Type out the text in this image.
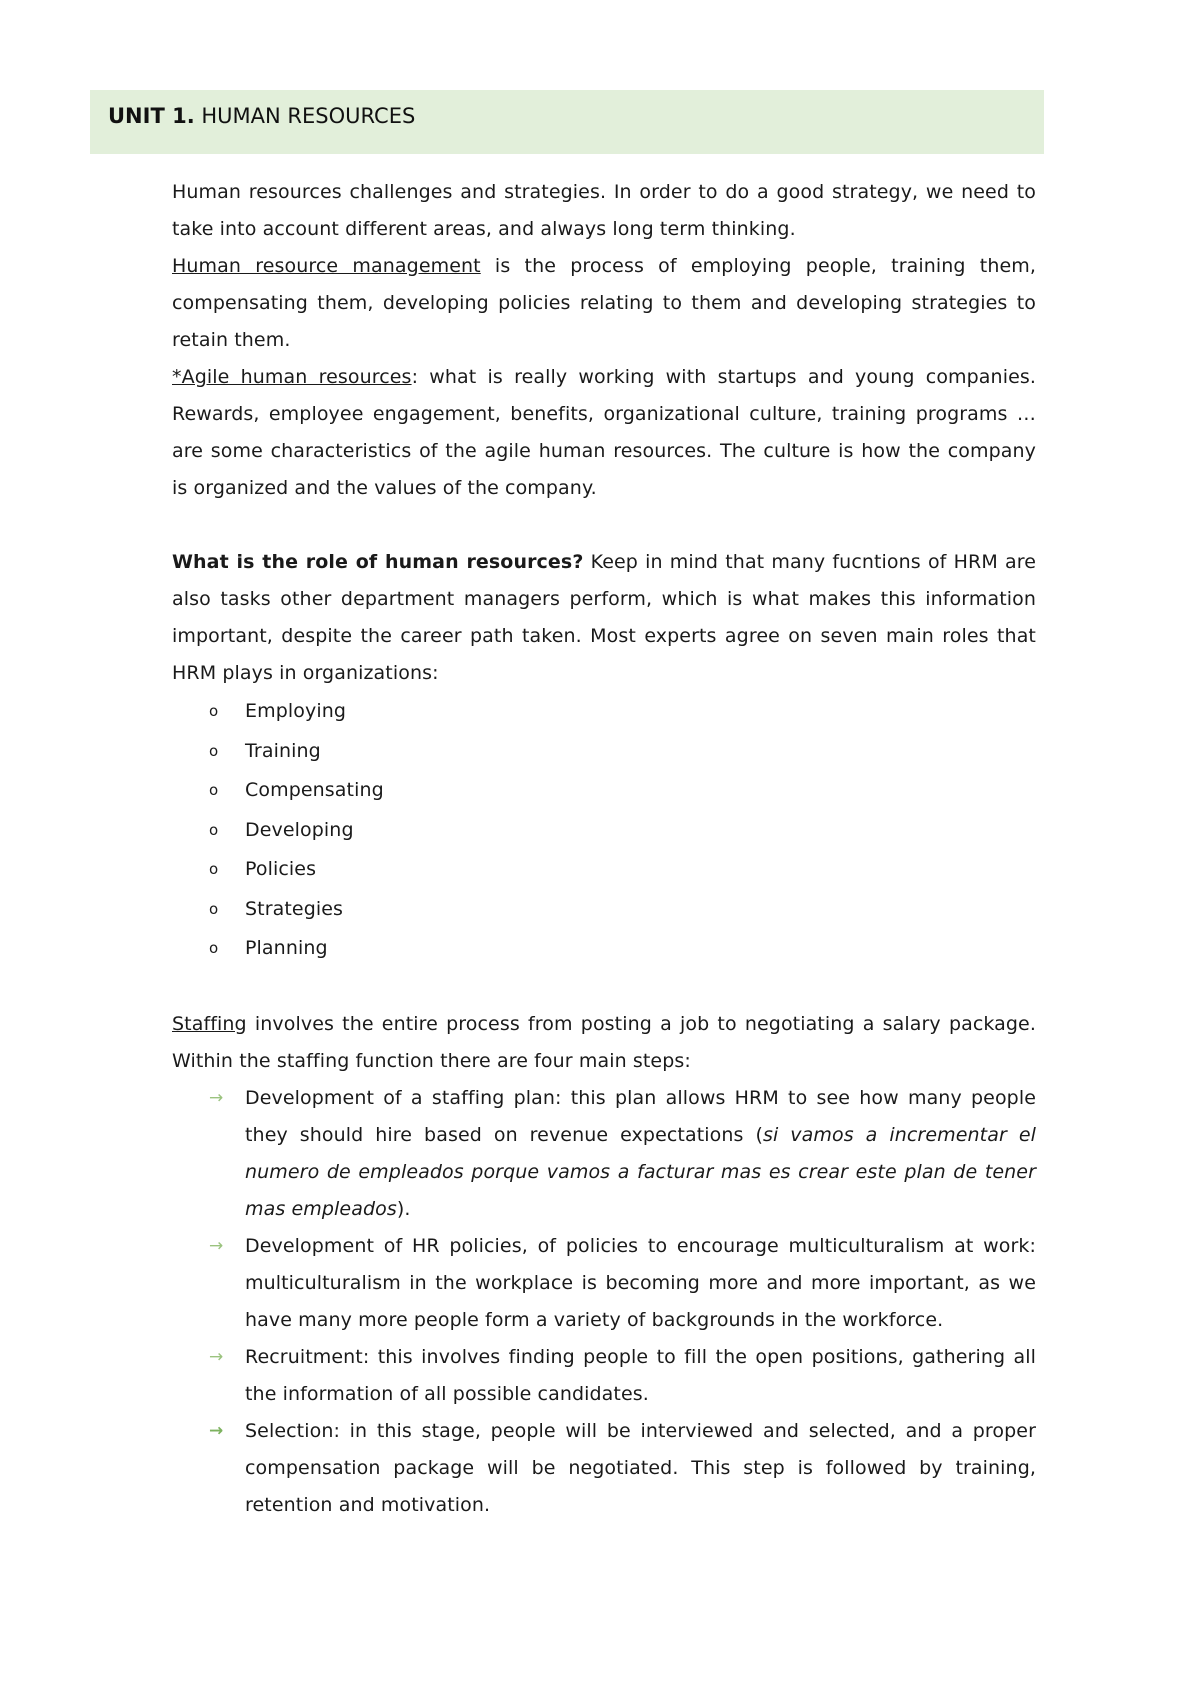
UNIT 1. HUMAN RESOURCES

Human resources challenges and strategies. In order to do a good strategy, we need to take into account different areas, and always long term thinking.

Human resource management is the process of employing people, training them, compensating them, developing policies relating to them and developing strategies to retain them.

*Agile human resources: what is really working with startups and young companies. Rewards, employee engagement, benefits, organizational culture, training programs … are some characteristics of the agile human resources. The culture is how the company is organized and the values of the company.

What is the role of human resources? Keep in mind that many fucntions of HRM are also tasks other department managers perform, which is what makes this information important, despite the career path taken. Most experts agree on seven main roles that HRM plays in organizations:

o Employing
o Training
o Compensating
o Developing
o Policies
o Strategies
o Planning

Staffing involves the entire process from posting a job to negotiating a salary package. Within the staffing function there are four main steps:

→ Development of a staffing plan: this plan allows HRM to see how many people they should hire based on revenue expectations (si vamos a incrementar el numero de empleados porque vamos a facturar mas es crear este plan de tener mas empleados).
→ Development of HR policies, of policies to encourage multiculturalism at work: multiculturalism in the workplace is becoming more and more important, as we have many more people form a variety of backgrounds in the workforce.
→ Recruitment: this involves finding people to fill the open positions, gathering all the information of all possible candidates.
→ Selection: in this stage, people will be interviewed and selected, and a proper compensation package will be negotiated. This step is followed by training, retention and motivation.
